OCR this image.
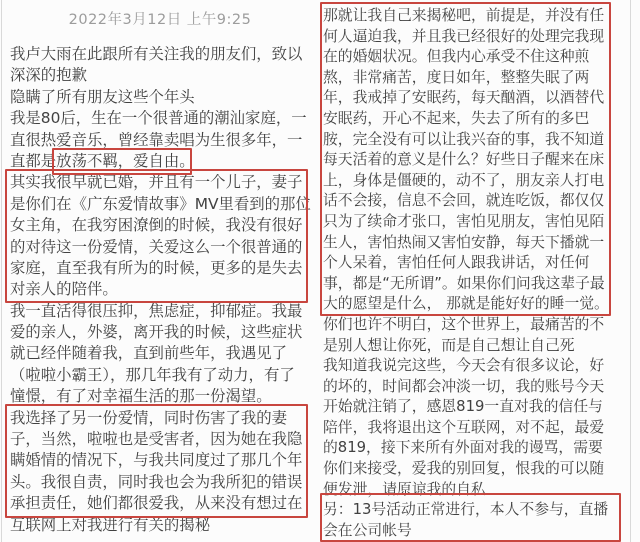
2022年3月12日 上午9:25
我卢大雨在此跟所有关注我的朋友们，致以
深深的抱歉
隐瞒了所有朋友这些个年头
我是80后，生在一个很普通的潮汕家庭，一
直很热爱音乐，曾经靠卖唱为生很多年，一
直都是放荡不羁，爱自由。
其实我很早就已婚，并且有一个儿子，妻子
是你们在《广东爱情故事》MV里看到的那位
女主角，在我穷困潦倒的时候，我没有很好
的对待这一份爱情，关爱这么一个很普通的
家庭，直至我有所为的时候，更多的是失去
对亲人的陪伴。
我一直活得很压抑，焦虑症，抑郁症。我最
爱的亲人，外婆，离开我的时候，这些症状
就已经伴随着我，直到前些年，我遇见了
（啦啦小霸王），那几年我有了动力，有了
憧憬，有了对幸福生活的那一份渴望。
我选择了另一份爱情，同时伤害了我的妻
子，当然，啦啦也是受害者，因为她在我隐
瞒婚情的情况下，与我共同度过了那几个年
头。我很自责，同时我也会为我所犯的错误
承担责任，她们都很爱我，从来没有想过在
互联网上对我进行有关的揭秘
那就让我自己来揭秘吧，前提是，并没有任
何人逼迫我，并且我已经很好的处理完我现
在的婚姻状况。但我内心承受不住这种煎
熬，非常痛苦，度日如年，整整失眠了两
年，我戒掉了安眠药，每天酗酒，以酒替代
安眠药，开心不起来，失去了所有的多巴
胺，完全没有可以让我兴奋的事，我不知道
每天活着的意义是什么？好些日子醒来在床
上，身体是僵硬的，动不了，朋友亲人打电
话不会接，信息不会回，就连吃饭，都仅仅
只为了续命才张口，害怕见朋友，害怕见陌
生人，害怕热闹又害怕安静，每天下播就一
个人呆着，害怕任何人跟我讲话，对任何
事，都是“无所谓”。如果你们问我这辈子最
大的愿望是什么， 那就是能好好的睡一觉。
你们也许不明白，这个世界上，最痛苦的不
是别人想让你死，而是自己想让自己死
我知道我说完这些，今天会有很多议论，好
的坏的，时间都会冲淡一切，我的账号今天
开始就注销了，感恩819一直对我的信任与
陪伴，我将退出这个互联网，对不起，最爱
的819，接下来所有外面对我的谩骂，需要
你们来接受，爱我的别回复，恨我的可以随
便发泄，请原谅我的自私
另：13号活动正常进行，本人不参与，直播
会在公司帐号
